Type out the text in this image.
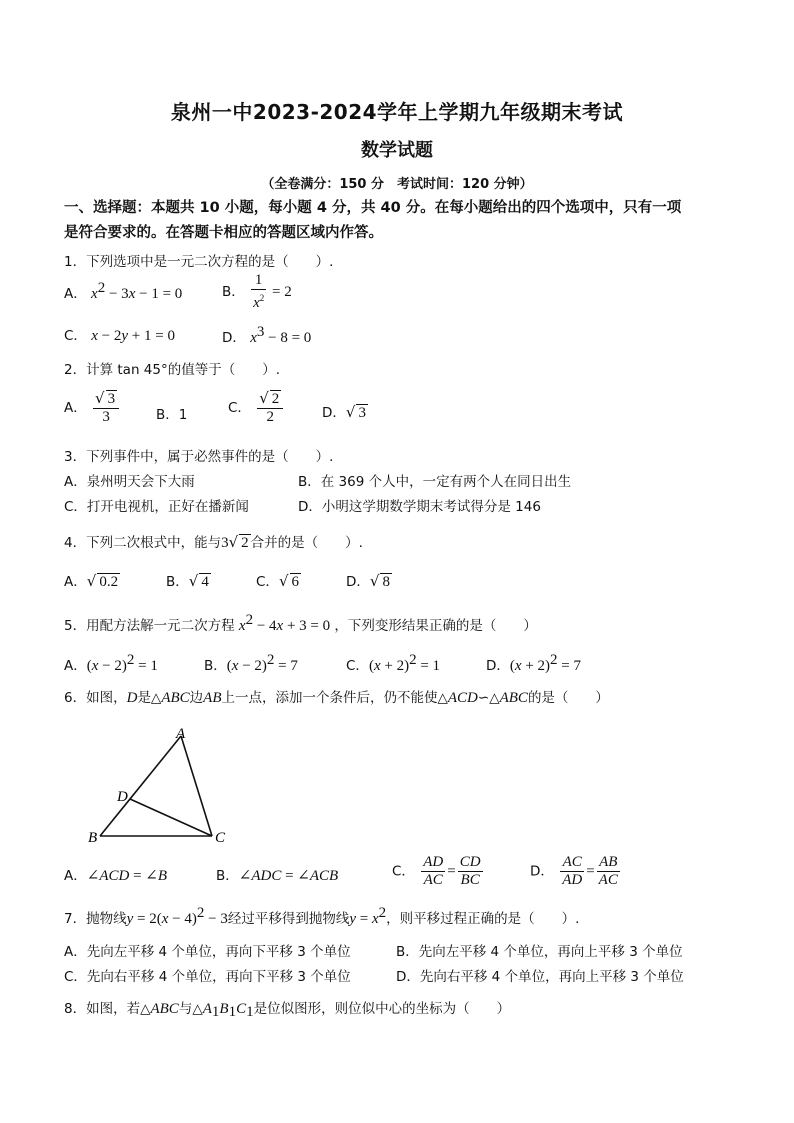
泉州一中2023-2024学年上学期九年级期末考试
数学试题
（全卷满分：150 分　考试时间：120 分钟）
一、选择题：本题共 10 小题，每小题 4 分，共 40 分。在每小题给出的四个选项中，只有一项
是符合要求的。在答题卡相应的答题区域内作答。
1．下列选项中是一元二次方程的是（　　）.
A． $x^2 - 3x - 1 = 0$	B． $\frac{1}{x^2} = 2$
C． x − 2y + 1 = 0	D． $x^3 - 8 = 0$
2．计算 tan 45°的值等于（　　）.
A． $\frac{√ 3}{3}$	B．1	C． $\frac{√ 2}{2}$	D．√ 3
3．下列事件中，属于必然事件的是（　　）.
A．泉州明天会下大雨	B．在 369 个人中，一定有两个人在同日出生
C．打开电视机，正好在播新闻	D．小明这学期数学期末考试得分是 146
4．下列二次根式中，能与3√ 2 合并的是（　　）.
A．√ 0.2	B．√ 4	C．√ 6	D．√ 8
5．用配方法解一元二次方程 $x^2 - 4x + 3 = 0$ ，下列变形结果正确的是（　　）
A．$(x - 2)^2 = 1$	B．$(x - 2)^2 = 7$	C．$(x + 2)^2 = 1$	D．$(x + 2)^2 = 7$
6．如图，D是△ABC边AB上一点，添加一个条件后，仍不能使△ACD∽△ABC的是（　　）
A
B	C
D
A．∠ACD = ∠B	B．∠ADC = ∠ACB	C． $\frac{AD}{AC} = \frac{CD}{BC}$	D． $\frac{AC}{AD} = \frac{AB}{AC}$
7．抛物线$y = 2(x - 4)^2 - 3$经过平移得到抛物线$y = x^2$，则平移过程正确的是（　　）.
A．先向左平移 4 个单位，再向下平移 3 个单位	B．先向左平移 4 个单位，再向上平移 3 个单位
C．先向右平移 4 个单位，再向下平移 3 个单位	D．先向右平移 4 个单位，再向上平移 3 个单位
8．如图，若△ABC与$\triangle A_1B_1C_1$是位似图形，则位似中心的坐标为（　　）
